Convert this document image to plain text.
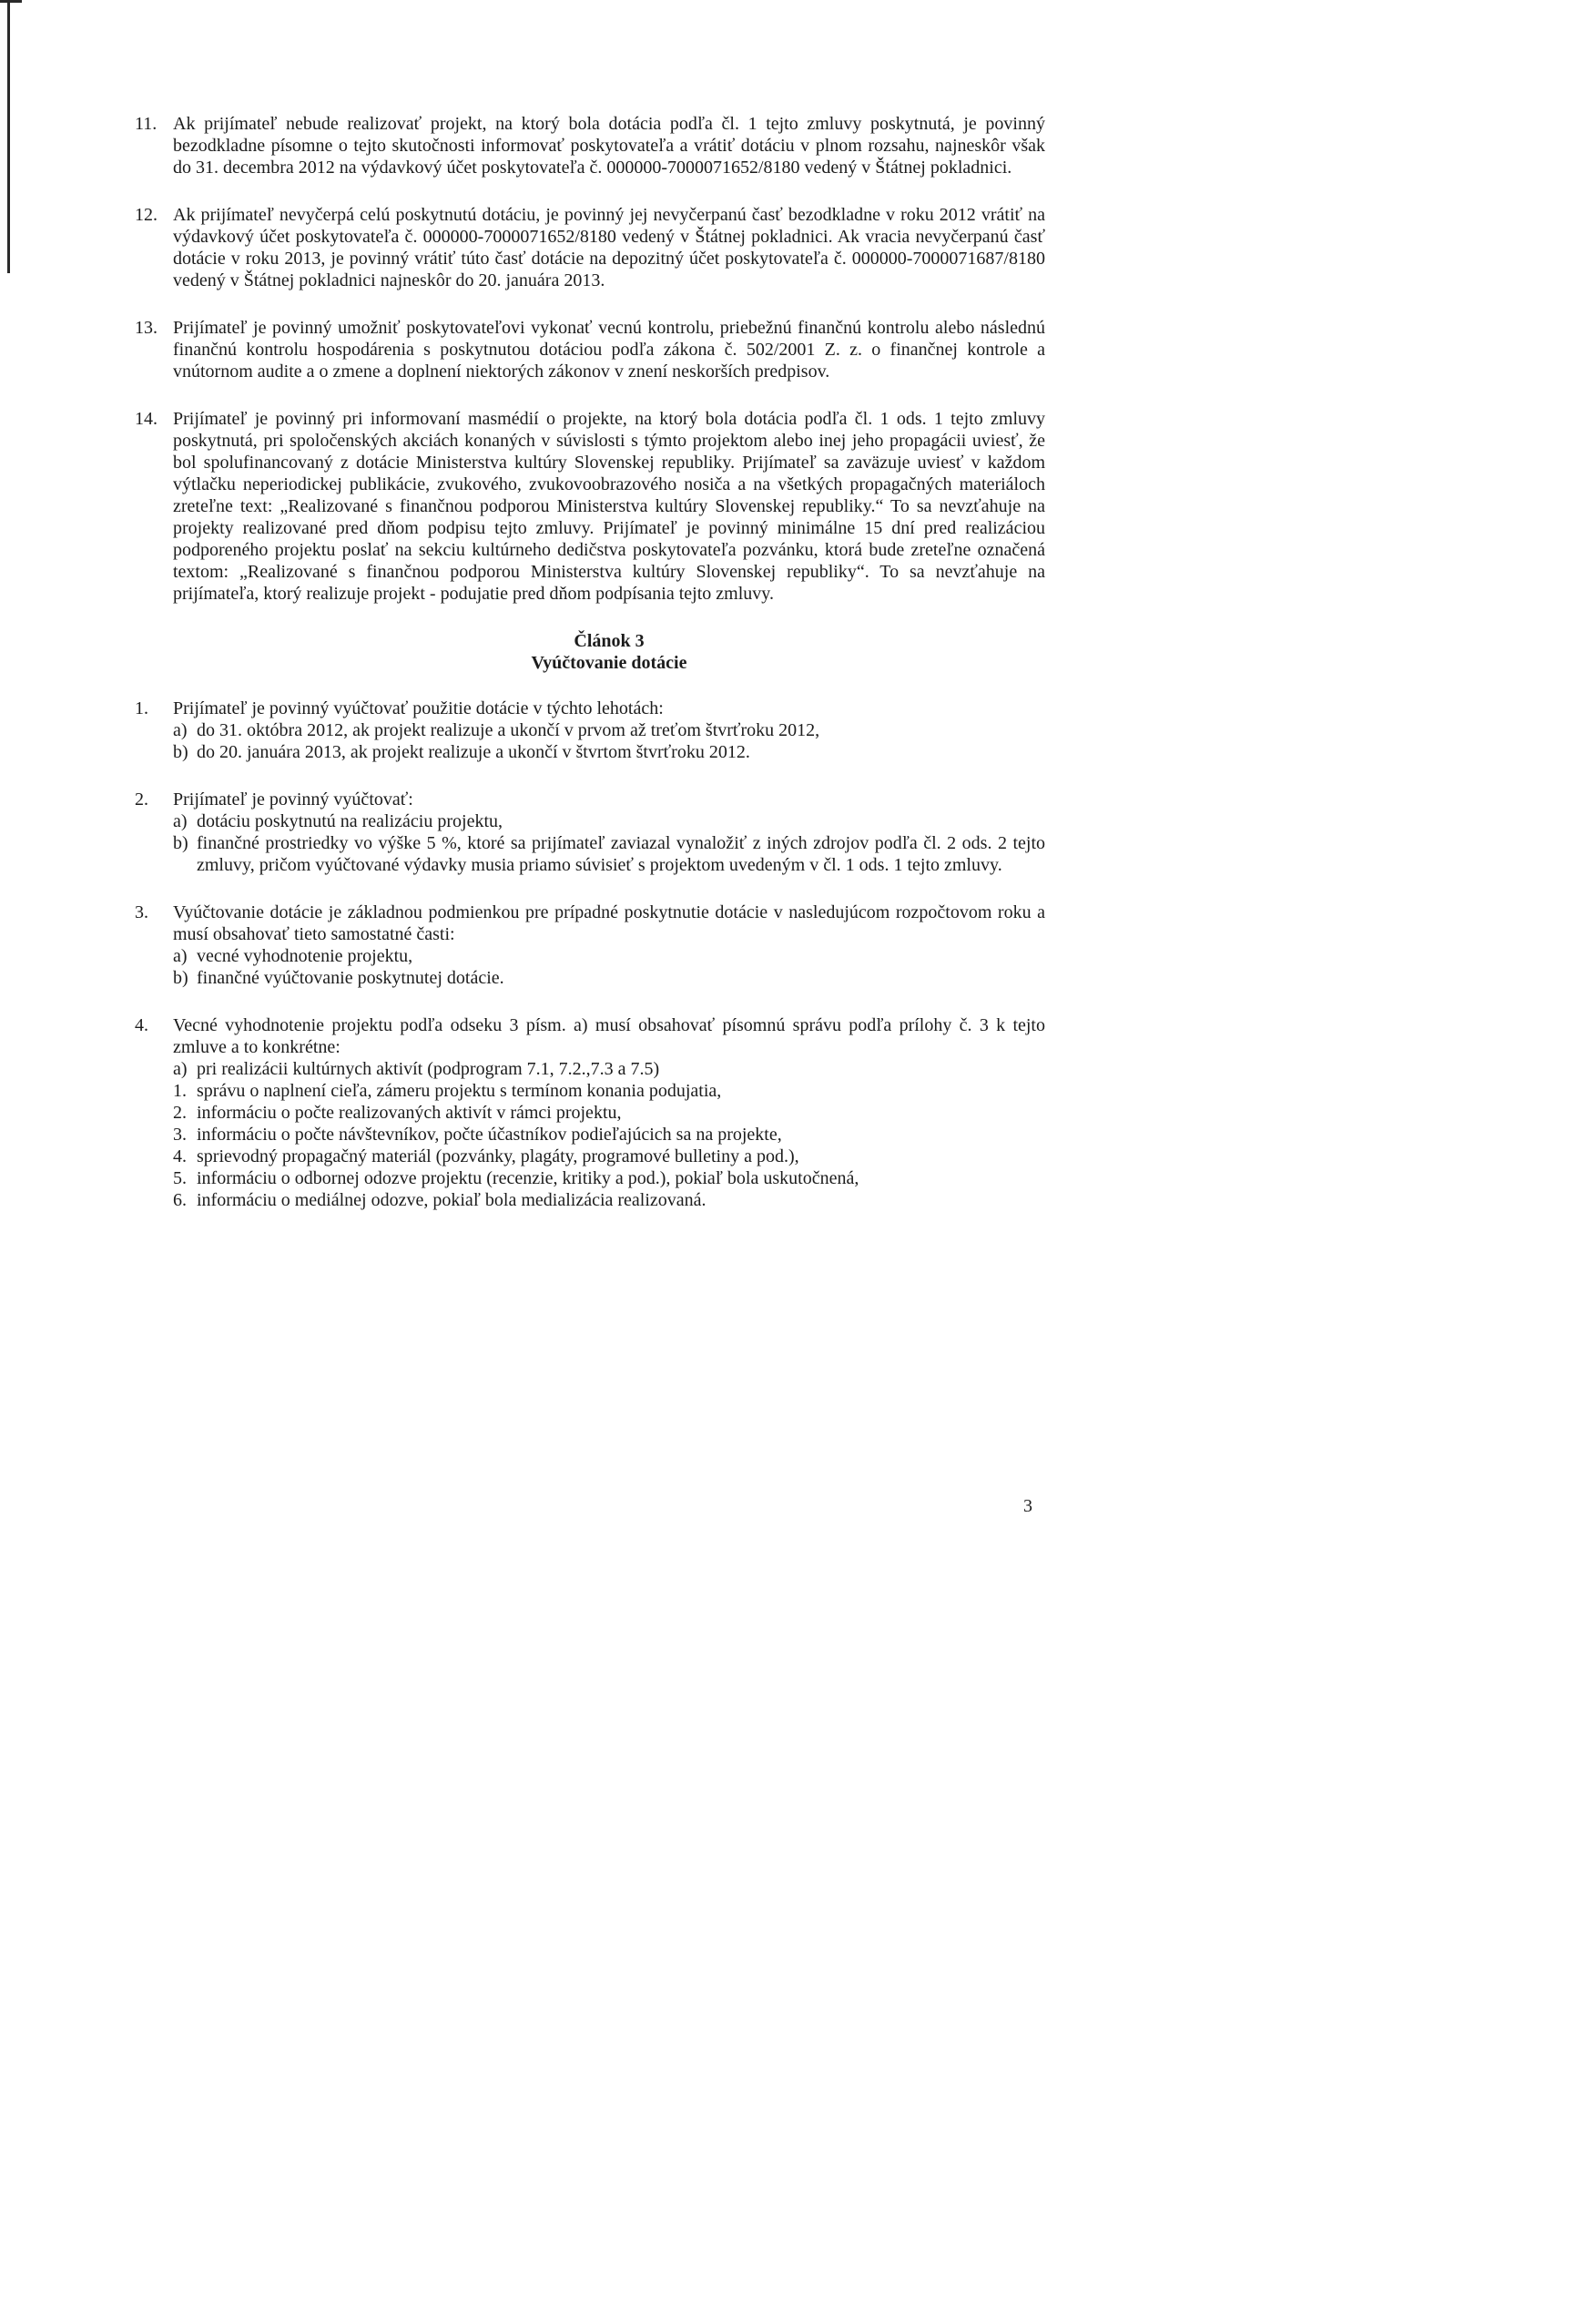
11. Ak prijímateľ nebude realizovať projekt, na ktorý bola dotácia podľa čl. 1 tejto zmluvy poskytnutá, je povinný bezodkladne písomne o tejto skutočnosti informovať poskytovateľa a vrátiť dotáciu v plnom rozsahu, najneskôr však do 31. decembra 2012 na výdavkový účet poskytovateľa č. 000000-7000071652/8180 vedený v Štátnej pokladnici.
12. Ak prijímateľ nevyčerpá celú poskytnutú dotáciu, je povinný jej nevyčerpanú časť bezodkladne v roku 2012 vrátiť na výdavkový účet poskytovateľa č. 000000-7000071652/8180 vedený v Štátnej pokladnici. Ak vracia nevyčerpanú časť dotácie v roku 2013, je povinný vrátiť túto časť dotácie na depozitný účet poskytovateľa č. 000000-7000071687/8180 vedený v Štátnej pokladnici najneskôr do 20. januára 2013.
13. Prijímateľ je povinný umožniť poskytovateľovi vykonať vecnú kontrolu, priebežnú finančnú kontrolu alebo následnú finančnú kontrolu hospodárenia s poskytnutou dotáciou podľa zákona č. 502/2001 Z. z. o finančnej kontrole a vnútornom audite a o zmene a doplnení niektorých zákonov v znení neskorších predpisov.
14. Prijímateľ je povinný pri informovaní masmédií o projekte, na ktorý bola dotácia podľa čl. 1 ods. 1 tejto zmluvy poskytnutá, pri spoločenských akciách konaných v súvislosti s týmto projektom alebo inej jeho propagácii uviesť, že bol spolufinancovaný z dotácie Ministerstva kultúry Slovenskej republiky. Prijímateľ sa zaväzuje uviesť v každom výtlačku neperiodickej publikácie, zvukového, zvukovoobrazového nosiča a na všetkých propagačných materiáloch zreteľne text: „Realizované s finančnou podporou Ministerstva kultúry Slovenskej republiky.“ To sa nevzťahuje na projekty realizované pred dňom podpisu tejto zmluvy. Prijímateľ je povinný minimálne 15 dní pred realizáciou podporeného projektu poslať na sekciu kultúrneho dedičstva poskytovateľa pozvánku, ktorá bude zreteľne označená textom: „Realizované s finančnou podporou Ministerstva kultúry Slovenskej republiky“. To sa nevzťahuje na prijímateľa, ktorý realizuje projekt - podujatie pred dňom podpísania tejto zmluvy.
Článok 3
Vyúčtovanie dotácie
1. Prijímateľ je povinný vyúčtovať použitie dotácie v týchto lehotách:
a) do 31. októbra 2012, ak projekt realizuje a ukončí v prvom až treťom štvrťroku 2012,
b) do 20. januára 2013, ak projekt realizuje a ukončí v štvrtom štvrťroku 2012.
2. Prijímateľ je povinný vyúčtovať:
a) dotáciu poskytnutú na realizáciu projektu,
b) finančné prostriedky vo výške 5 %, ktoré sa prijímateľ zaviazal vynaložiť z iných zdrojov podľa čl. 2 ods. 2 tejto zmluvy, pričom vyúčtované výdavky musia priamo súvisieť s projektom uvedeným v čl. 1 ods. 1 tejto zmluvy.
3. Vyúčtovanie dotácie je základnou podmienkou pre prípadné poskytnutie dotácie v nasledujúcom rozpočtovom roku a musí obsahovať tieto samostatné časti:
a) vecné vyhodnotenie projektu,
b) finančné vyúčtovanie poskytnutej dotácie.
4. Vecné vyhodnotenie projektu podľa odseku 3 písm. a) musí obsahovať písomnú správu podľa prílohy č. 3 k tejto zmluve a to konkrétne:
a) pri realizácii kultúrnych aktivít (podprogram 7.1, 7.2.,7.3 a 7.5)
1. správu o naplnení cieľa, zámeru projektu s termínom konania podujatia,
2. informáciu o počte realizovaných aktivít v rámci projektu,
3. informáciu o počte návštevníkov, počte účastníkov podieľajúcich sa na projekte,
4. sprievodný propagačný materiál (pozvánky, plagáty, programové bulletiny a pod.),
5. informáciu o odbornej odozve projektu (recenzie, kritiky a pod.), pokiaľ bola uskutočnená,
6. informáciu o mediálnej odozve, pokiaľ bola medializácia realizovaná.
3
